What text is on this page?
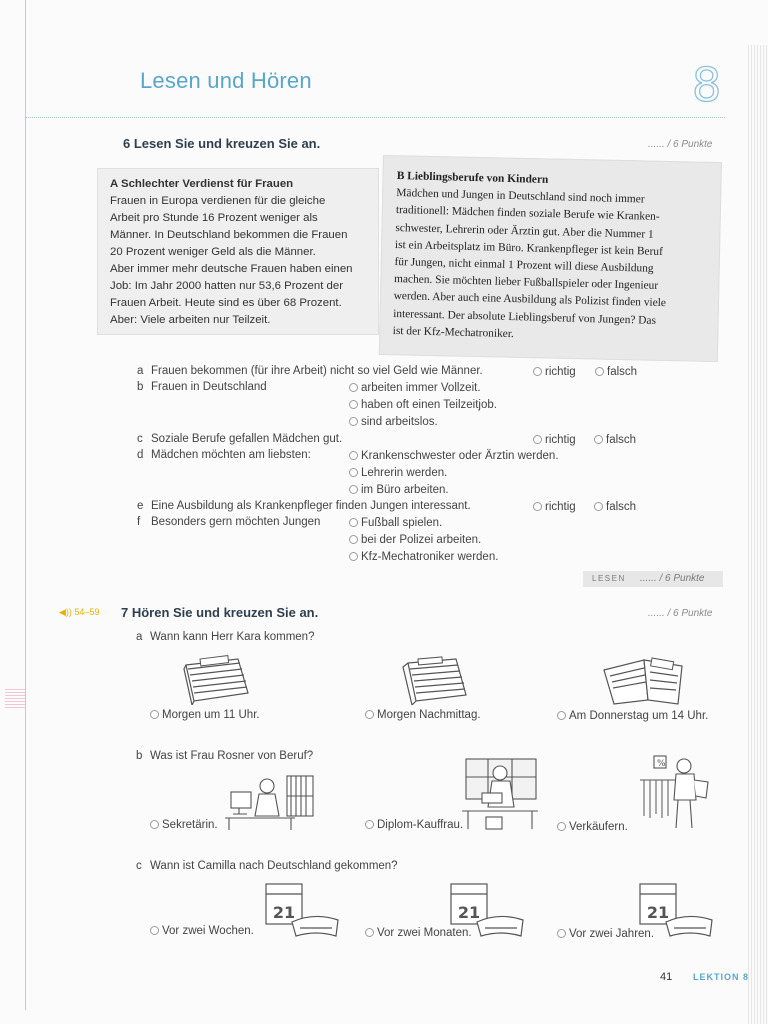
Lesen und Hören	8
6 Lesen Sie und kreuzen Sie an.	...... / 6 Punkte
A Schlechter Verdienst für Frauen
Frauen in Europa verdienen für die gleiche
Arbeit pro Stunde 16 Prozent weniger als
Männer. In Deutschland bekommen die Frauen
20 Prozent weniger Geld als die Männer.
Aber immer mehr deutsche Frauen haben einen
Job: Im Jahr 2000 hatten nur 53,6 Prozent der
Frauen Arbeit. Heute sind es über 68 Prozent.
Aber: Viele arbeiten nur Teilzeit.
B Lieblingsberufe von Kindern
Mädchen und Jungen in Deutschland sind noch immer
traditionell: Mädchen finden soziale Berufe wie Kranken-
schwester, Lehrerin oder Ärztin gut. Aber die Nummer 1
ist ein Arbeitsplatz im Büro. Krankenpfleger ist kein Beruf
für Jungen, nicht einmal 1 Prozent will diese Ausbildung
machen. Sie möchten lieber Fußballspieler oder Ingenieur
werden. Aber auch eine Ausbildung als Polizist finden viele
interessant. Der absolute Lieblingsberuf von Jungen? Das
ist der Kfz-Mechatroniker.
a Frauen bekommen (für ihre Arbeit) nicht so viel Geld wie Männer.	richtig	falsch
b Frauen in Deutschland	arbeiten immer Vollzeit.
haben oft einen Teilzeitjob.
sind arbeitslos.
c Soziale Berufe gefallen Mädchen gut.	richtig	falsch
d Mädchen möchten am liebsten:	Krankenschwester oder Ärztin werden.
Lehrerin werden.
im Büro arbeiten.
e Eine Ausbildung als Krankenpfleger finden Jungen interessant.	richtig	falsch
f Besonders gern möchten Jungen	Fußball spielen.
bei der Polizei arbeiten.
Kfz-Mechatroniker werden.
LESEN ...... / 6 Punkte
◀)) 54–59 7 Hören Sie und kreuzen Sie an.	...... / 6 Punkte
a Wann kann Herr Kara kommen?
Morgen um 11 Uhr.	Morgen Nachmittag.	Am Donnerstag um 14 Uhr.
b Was ist Frau Rosner von Beruf?
%
Sekretärin.	Diplom-Kauffrau.	Verkäufern.
c Wann ist Camilla nach Deutschland gekommen?
21	21	21
Vor zwei Wochen.	Vor zwei Monaten.	Vor zwei Jahren.
41 LEKTION 8
